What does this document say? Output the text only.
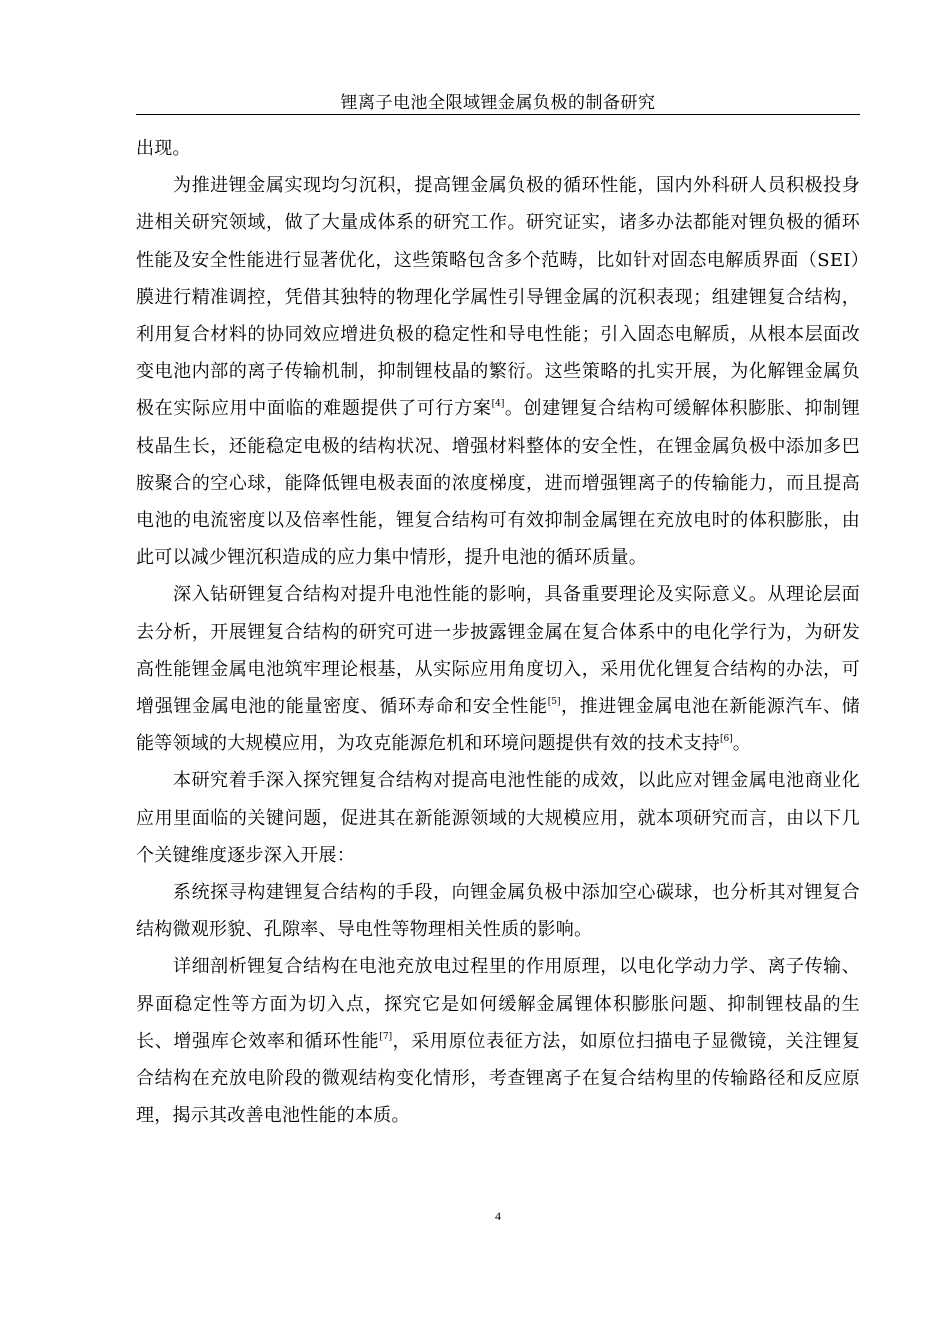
锂离子电池全限域锂金属负极的制备研究

出现。

为推进锂金属实现均匀沉积，提高锂金属负极的循环性能，国内外科研人员积极投身进相关研究领域，做了大量成体系的研究工作。研究证实，诸多办法都能对锂负极的循环性能及安全性能进行显著优化，这些策略包含多个范畴，比如针对固态电解质界面（SEI）膜进行精准调控，凭借其独特的物理化学属性引导锂金属的沉积表现；组建锂复合结构，利用复合材料的协同效应增进负极的稳定性和导电性能；引入固态电解质，从根本层面改变电池内部的离子传输机制，抑制锂枝晶的繁衍。这些策略的扎实开展，为化解锂金属负极在实际应用中面临的难题提供了可行方案[4]。创建锂复合结构可缓解体积膨胀、抑制锂枝晶生长，还能稳定电极的结构状况、增强材料整体的安全性，在锂金属负极中添加多巴胺聚合的空心球，能降低锂电极表面的浓度梯度，进而增强锂离子的传输能力，而且提高电池的电流密度以及倍率性能，锂复合结构可有效抑制金属锂在充放电时的体积膨胀，由此可以减少锂沉积造成的应力集中情形，提升电池的循环质量。

深入钻研锂复合结构对提升电池性能的影响，具备重要理论及实际意义。从理论层面去分析，开展锂复合结构的研究可进一步披露锂金属在复合体系中的电化学行为，为研发高性能锂金属电池筑牢理论根基，从实际应用角度切入，采用优化锂复合结构的办法，可增强锂金属电池的能量密度、循环寿命和安全性能[5]，推进锂金属电池在新能源汽车、储能等领域的大规模应用，为攻克能源危机和环境问题提供有效的技术支持[6]。

本研究着手深入探究锂复合结构对提高电池性能的成效，以此应对锂金属电池商业化应用里面临的关键问题，促进其在新能源领域的大规模应用，就本项研究而言，由以下几个关键维度逐步深入开展：

系统探寻构建锂复合结构的手段，向锂金属负极中添加空心碳球，也分析其对锂复合结构微观形貌、孔隙率、导电性等物理相关性质的影响。

详细剖析锂复合结构在电池充放电过程里的作用原理，以电化学动力学、离子传输、界面稳定性等方面为切入点，探究它是如何缓解金属锂体积膨胀问题、抑制锂枝晶的生长、增强库仑效率和循环性能[7]，采用原位表征方法，如原位扫描电子显微镜，关注锂复合结构在充放电阶段的微观结构变化情形，考查锂离子在复合结构里的传输路径和反应原理，揭示其改善电池性能的本质。

4
